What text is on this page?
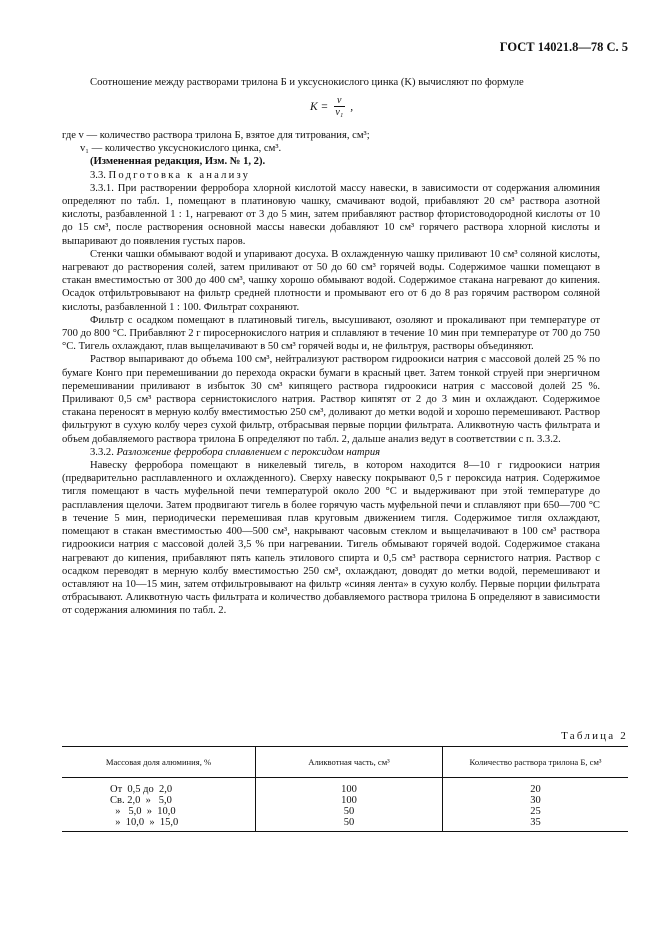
ГОСТ 14021.8—78 С. 5

Соотношение между растворами трилона Б и уксуснокислого цинка (K) вычисляют по формуле

$K = \frac{v}{\text{v₁}}$ ,

где v — количество раствора трилона Б, взятое для титрования, см³;

v₁ — количество уксуснокислого цинка, см³.

(Измененная редакция, Изм. № 1, 2).

3.3. Подготовка к анализу

3.3.1. При растворении ферробора хлорной кислотой массу навески, в зависимости от содержания алюминия определяют по табл. 1, помещают в платиновую чашку, смачивают водой, прибавляют 20 см³ раствора азотной кислоты, разбавленной 1 : 1, нагревают от 3 до 5 мин, затем прибавляют раствор фтористоводородной кислоты от 10 до 15 см³, после растворения основной массы навески добавляют 10 см³ горячего раствора хлорной кислоты и выпаривают до появления густых паров.

Стенки чашки обмывают водой и упаривают досуха. В охлажденную чашку приливают 10 см³ соляной кислоты, нагревают до растворения солей, затем приливают от 50 до 60 см³ горячей воды. Содержимое чашки помещают в стакан вместимостью от 300 до 400 см³, чашку хорошо обмывают водой. Содержимое стакана нагревают до кипения. Осадок отфильтровывают на фильтр средней плотности и промывают его от 6 до 8 раз горячим раствором соляной кислоты, разбавленной 1 : 100. Фильтрат сохраняют.

Фильтр с осадком помещают в платиновый тигель, высушивают, озоляют и прокаливают при температуре от 700 до 800 °С. Прибавляют 2 г пиросернокислого натрия и сплавляют в течение 10 мин при температуре от 700 до 750 °С. Тигель охлаждают, плав выщелачивают в 50 см³ горячей воды и, не фильтруя, растворы объединяют.

Раствор выпаривают до объема 100 см³, нейтрализуют раствором гидроокиси натрия с массовой долей 25 % по бумаге Конго при перемешивании до перехода окраски бумаги в красный цвет. Затем тонкой струей при энергичном перемешивании приливают в избыток 30 см³ кипящего раствора гидроокиси натрия с массовой долей 25 %. Приливают 0,5 см³ раствора сернистокислого натрия. Раствор кипятят от 2 до 3 мин и охлаждают. Содержимое стакана переносят в мерную колбу вместимостью 250 см³, доливают до метки водой и хорошо перемешивают. Раствор фильтруют в сухую колбу через сухой фильтр, отбрасывая первые порции фильтрата. Аликвотную часть фильтрата и объем добавляемого раствора трилона Б определяют по табл. 2, дальше анализ ведут в соответствии с п. 3.3.2.

3.3.2. Разложение ферробора сплавлением с пероксидом натрия

Навеску ферробора помещают в никелевый тигель, в котором находится 8—10 г гидроокиси натрия (предварительно расплавленного и охлажденного). Сверху навеску покрывают 0,5 г пероксида натрия. Содержимое тигля помещают в часть муфельной печи температурой около 200 °С и выдерживают при этой температуре до расплавления щелочи. Затем продвигают тигель в более горячую часть муфельной печи и сплавляют при 650—700 °С в течение 5 мин, периодически перемешивая плав круговым движением тигля. Содержимое тигля охлаждают, помещают в стакан вместимостью 400—500 см³, накрывают часовым стеклом и выщелачивают в 100 см³ раствора гидроокиси натрия с массовой долей 3,5 % при нагревании. Тигель обмывают горячей водой. Содержимое стакана нагревают до кипения, прибавляют пять капель этилового спирта и 0,5 см³ раствора сернистого натрия. Раствор с осадком переводят в мерную колбу вместимостью 250 см³, охлаждают, доводят до метки водой, перемешивают и оставляют на 10—15 мин, затем отфильтровывают на фильтр «синяя лента» в сухую колбу. Первые порции фильтрата отбрасывают. Аликвотную часть фильтрата и количество добавляемого раствора трилона Б определяют в зависимости от содержания алюминия по табл. 2.

Таблица 2
Массовая доля алюминия, %	Аликвотная часть, см³	Количество раствора трилона Б, см³
От  0,5 до  2,0	100	20
Св. 2,0  »   5,0	100	30
»   5,0  »  10,0	50	25
»  10,0  »  15,0	50	35
